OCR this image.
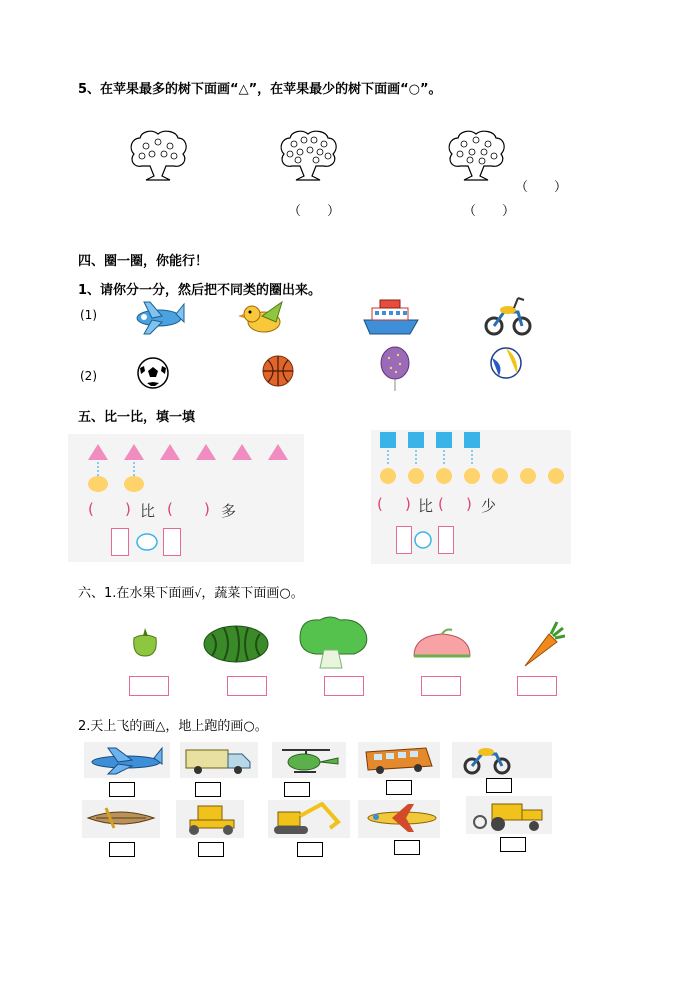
5、在苹果最多的树下面画“△”，在苹果最少的树下面画“○”。
（　　）	（　　）
（　　）
四、圈一圈，你能行！
1、请你分一分，然后把不同类的圈出来。
(1)
(2)
五、比一比，填一填
( ) 比 ( ) 多	( ) 比 ( ) 少
六、1.在水果下面画√，蔬菜下面画○。
2.天上飞的画△，地上跑的画○。
